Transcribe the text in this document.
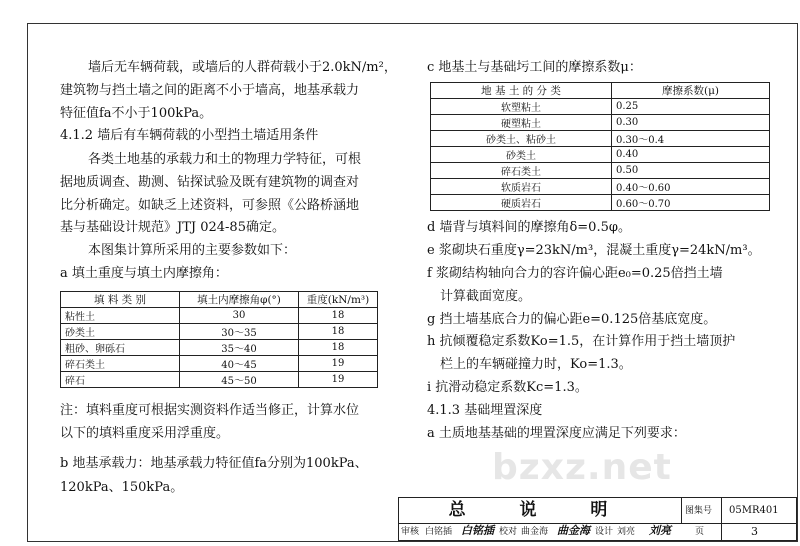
墙后无车辆荷载，或墙后的人群荷载小于2.0kN/m²，
建筑物与挡土墙之间的距离不小于墙高，地基承载力
特征值fa不小于100kPa。
4.1.2 墙后有车辆荷载的小型挡土墙适用条件
各类土地基的承载力和土的物理力学特征，可根
据地质调查、勘测、钻探试验及既有建筑物的调查对
比分析确定。如缺乏上述资料，可参照《公路桥涵地
基与基础设计规范》JTJ 024-85确定。
本图集计算所采用的主要参数如下：
a 填土重度与填土内摩擦角：
填 料 类 别	填土内摩擦角φ(°)	重度(kN/m³)
粘性土	30	18
砂类土	30～35	18
粗砂、卵砾石	35～40	18
碎石类土	40～45	19
碎石	45～50	19
注：填料重度可根据实测资料作适当修正，计算水位
以下的填料重度采用浮重度。
b 地基承载力：地基承载力特征值fa分别为100kPa、
120kPa、150kPa。
c 地基土与基础圬工间的摩擦系数μ：
地 基 土 的 分 类	摩擦系数(μ)
软塑粘土	0.25
硬塑粘土	0.30
砂类土、粘砂土	0.30～0.4
砂类土	0.40
碎石类土	0.50
软质岩石	0.40～0.60
硬质岩石	0.60～0.70
d 墙背与填料间的摩擦角δ=0.5φ。
e 浆砌块石重度γ=23kN/m³，混凝土重度γ=24kN/m³。
f 浆砌结构轴向合力的容许偏心距e₀=0.25倍挡土墙
计算截面宽度。
g 挡土墙基底合力的偏心距e=0.125倍基底宽度。
h 抗倾覆稳定系数Ko=1.5，在计算作用于挡土墙顶护
栏上的车辆碰撞力时，Ko=1.3。
i 抗滑动稳定系数Kc=1.3。
4.1.3 基础埋置深度
a 土质地基基础的埋置深度应满足下列要求：
bzxz.net
总 说 明	图集号 05MR401
审核 白铭插 白铭插 校对 曲金海 曲金海 设计 刘亮 刘亮	页	3
